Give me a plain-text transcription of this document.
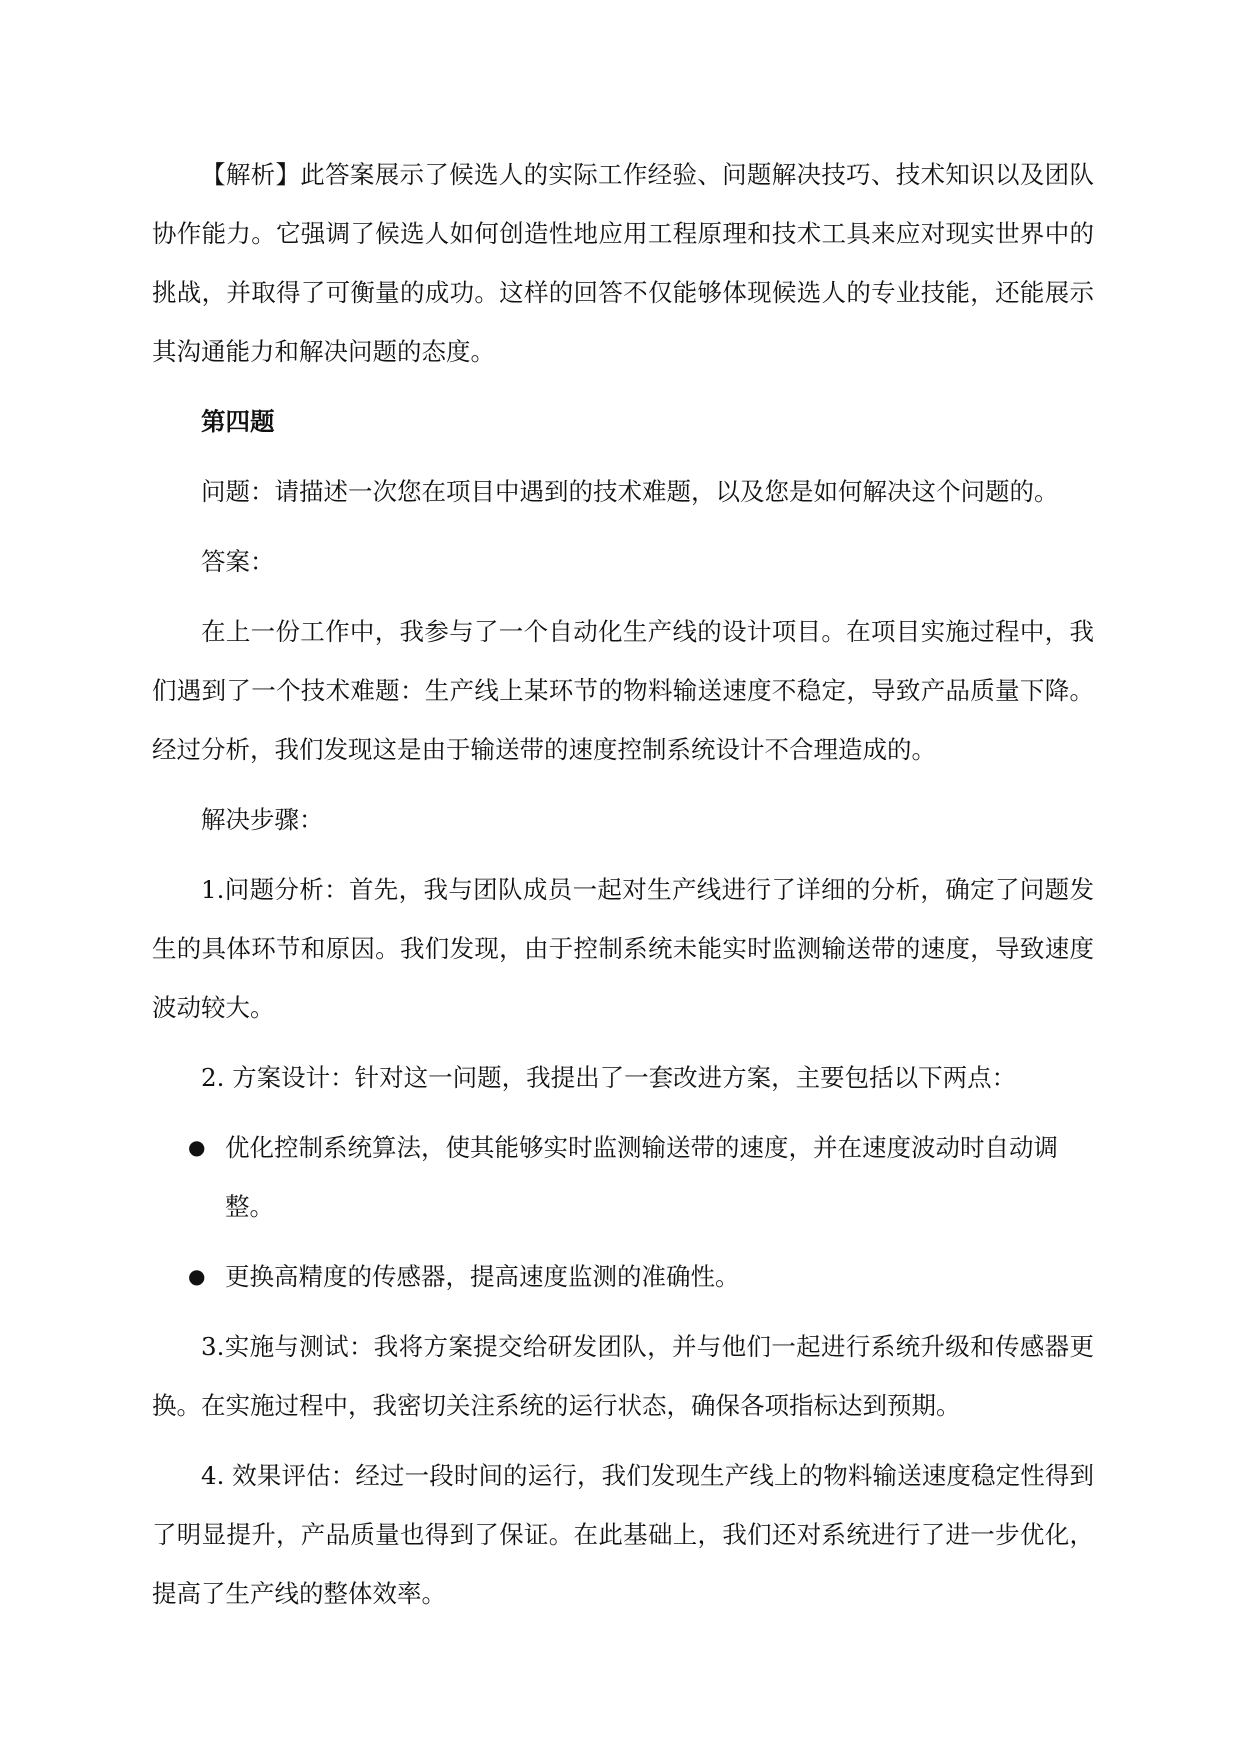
【解析】此答案展示了候选人的实际工作经验、问题解决技巧、技术知识以及团队协作能力。它强调了候选人如何创造性地应用工程原理和技术工具来应对现实世界中的挑战，并取得了可衡量的成功。这样的回答不仅能够体现候选人的专业技能，还能展示其沟通能力和解决问题的态度。

第四题

问题：请描述一次您在项目中遇到的技术难题，以及您是如何解决这个问题的。

答案：

在上一份工作中，我参与了一个自动化生产线的设计项目。在项目实施过程中，我们遇到了一个技术难题：生产线上某环节的物料输送速度不稳定，导致产品质量下降。经过分析，我们发现这是由于输送带的速度控制系统设计不合理造成的。

解决步骤：

1.问题分析：首先，我与团队成员一起对生产线进行了详细的分析，确定了问题发生的具体环节和原因。我们发现，由于控制系统未能实时监测输送带的速度，导致速度波动较大。

2. 方案设计：针对这一问题，我提出了一套改进方案，主要包括以下两点：

● 优化控制系统算法，使其能够实时监测输送带的速度，并在速度波动时自动调整。
● 更换高精度的传感器，提高速度监测的准确性。

3.实施与测试：我将方案提交给研发团队，并与他们一起进行系统升级和传感器更换。在实施过程中，我密切关注系统的运行状态，确保各项指标达到预期。

4. 效果评估：经过一段时间的运行，我们发现生产线上的物料输送速度稳定性得到了明显提升，产品质量也得到了保证。在此基础上，我们还对系统进行了进一步优化，提高了生产线的整体效率。
